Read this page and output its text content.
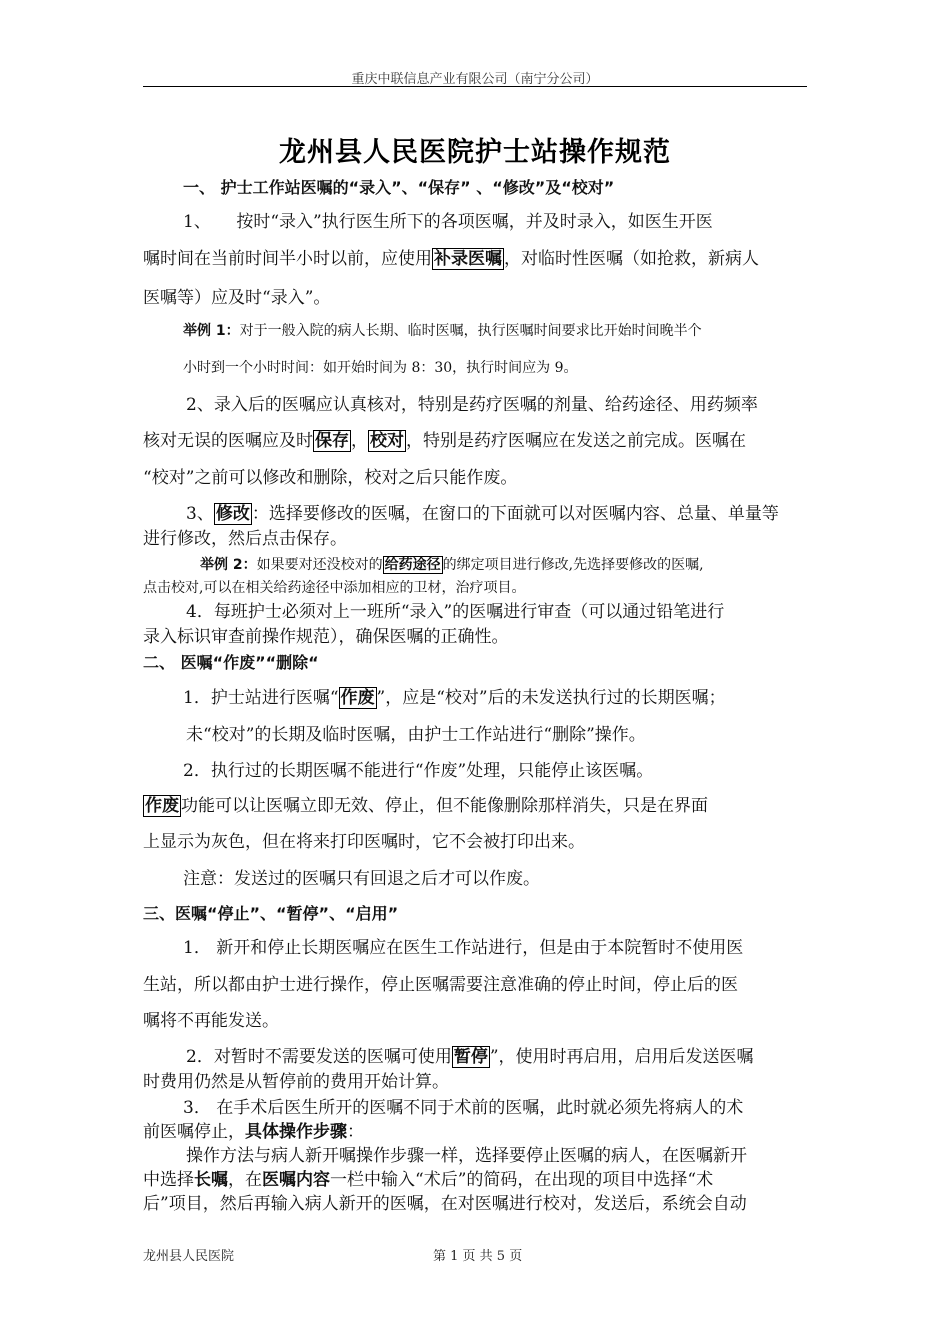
重庆中联信息产业有限公司（南宁分公司）
龙州县人民医院护士站操作规范
一、 护士工作站医嘱的“录入”、“保存” 、“修改”及“校对”
1、　　按时“录入”执行医生所下的各项医嘱，并及时录入，如医生开医
嘱时间在当前时间半小时以前，应使用 补录医嘱 ，对临时性医嘱（如抢救，新病人
医嘱等）应及时“录入”。
举例 1：对于一般入院的病人长期、临时医嘱，执行医嘱时间要求比开始时间晚半个
小时到一个小时时间：如开始时间为 8：30，执行时间应为 9。
2、录入后的医嘱应认真核对，特别是药疗医嘱的剂量、给药途径、用药频率
核对无误的医嘱应及时 保存 ， 校对 ，特别是药疗医嘱应在发送之前完成。医嘱在
“校对”之前可以修改和删除，校对之后只能作废。
3、 修改 ：选择要修改的医嘱，在窗口的下面就可以对医嘱内容、总量、单量等
进行修改，然后点击保存。
举例 2：如果要对还没校对的 给药途径 的绑定项目进行修改,先选择要修改的医嘱,
点击校对,可以在相关给药途径中添加相应的卫材，治疗项目。
4．每班护士必须对上一班所“录入”的医嘱进行审查（可以通过铅笔进行
录入标识审查前操作规范），确保医嘱的正确性。
二、 医嘱“作废”“删除“
1．护士站进行医嘱“ 作废 ”，应是“校对”后的未发送执行过的长期医嘱；
未“校对”的长期及临时医嘱，由护士工作站进行“删除”操作。
2．执行过的长期医嘱不能进行“作废”处理，只能停止该医嘱。
作废 功能可以让医嘱立即无效、停止，但不能像删除那样消失，只是在界面
上显示为灰色，但在将来打印医嘱时，它不会被打印出来。
注意：发送过的医嘱只有回退之后才可以作废。
三、医嘱“停止”、“暂停”、“启用”
1． 新开和停止长期医嘱应在医生工作站进行，但是由于本院暂时不使用医
生站，所以都由护士进行操作，停止医嘱需要注意准确的停止时间，停止后的医
嘱将不再能发送。
2．对暂时不需要发送的医嘱可使用 暂停 ”，使用时再启用，启用后发送医嘱
时费用仍然是从暂停前的费用开始计算。
3． 在手术后医生所开的医嘱不同于术前的医嘱，此时就必须先将病人的术
前医嘱停止，具体操作步骤：
操作方法与病人新开嘱操作步骤一样，选择要停止医嘱的病人，在医嘱新开
中选择长嘱，在医嘱内容一栏中输入“术后”的简码，在出现的项目中选择“术
后”项目，然后再输入病人新开的医嘱，在对医嘱进行校对，发送后，系统会自动
龙州县人民医院	第 1 页 共 5 页
